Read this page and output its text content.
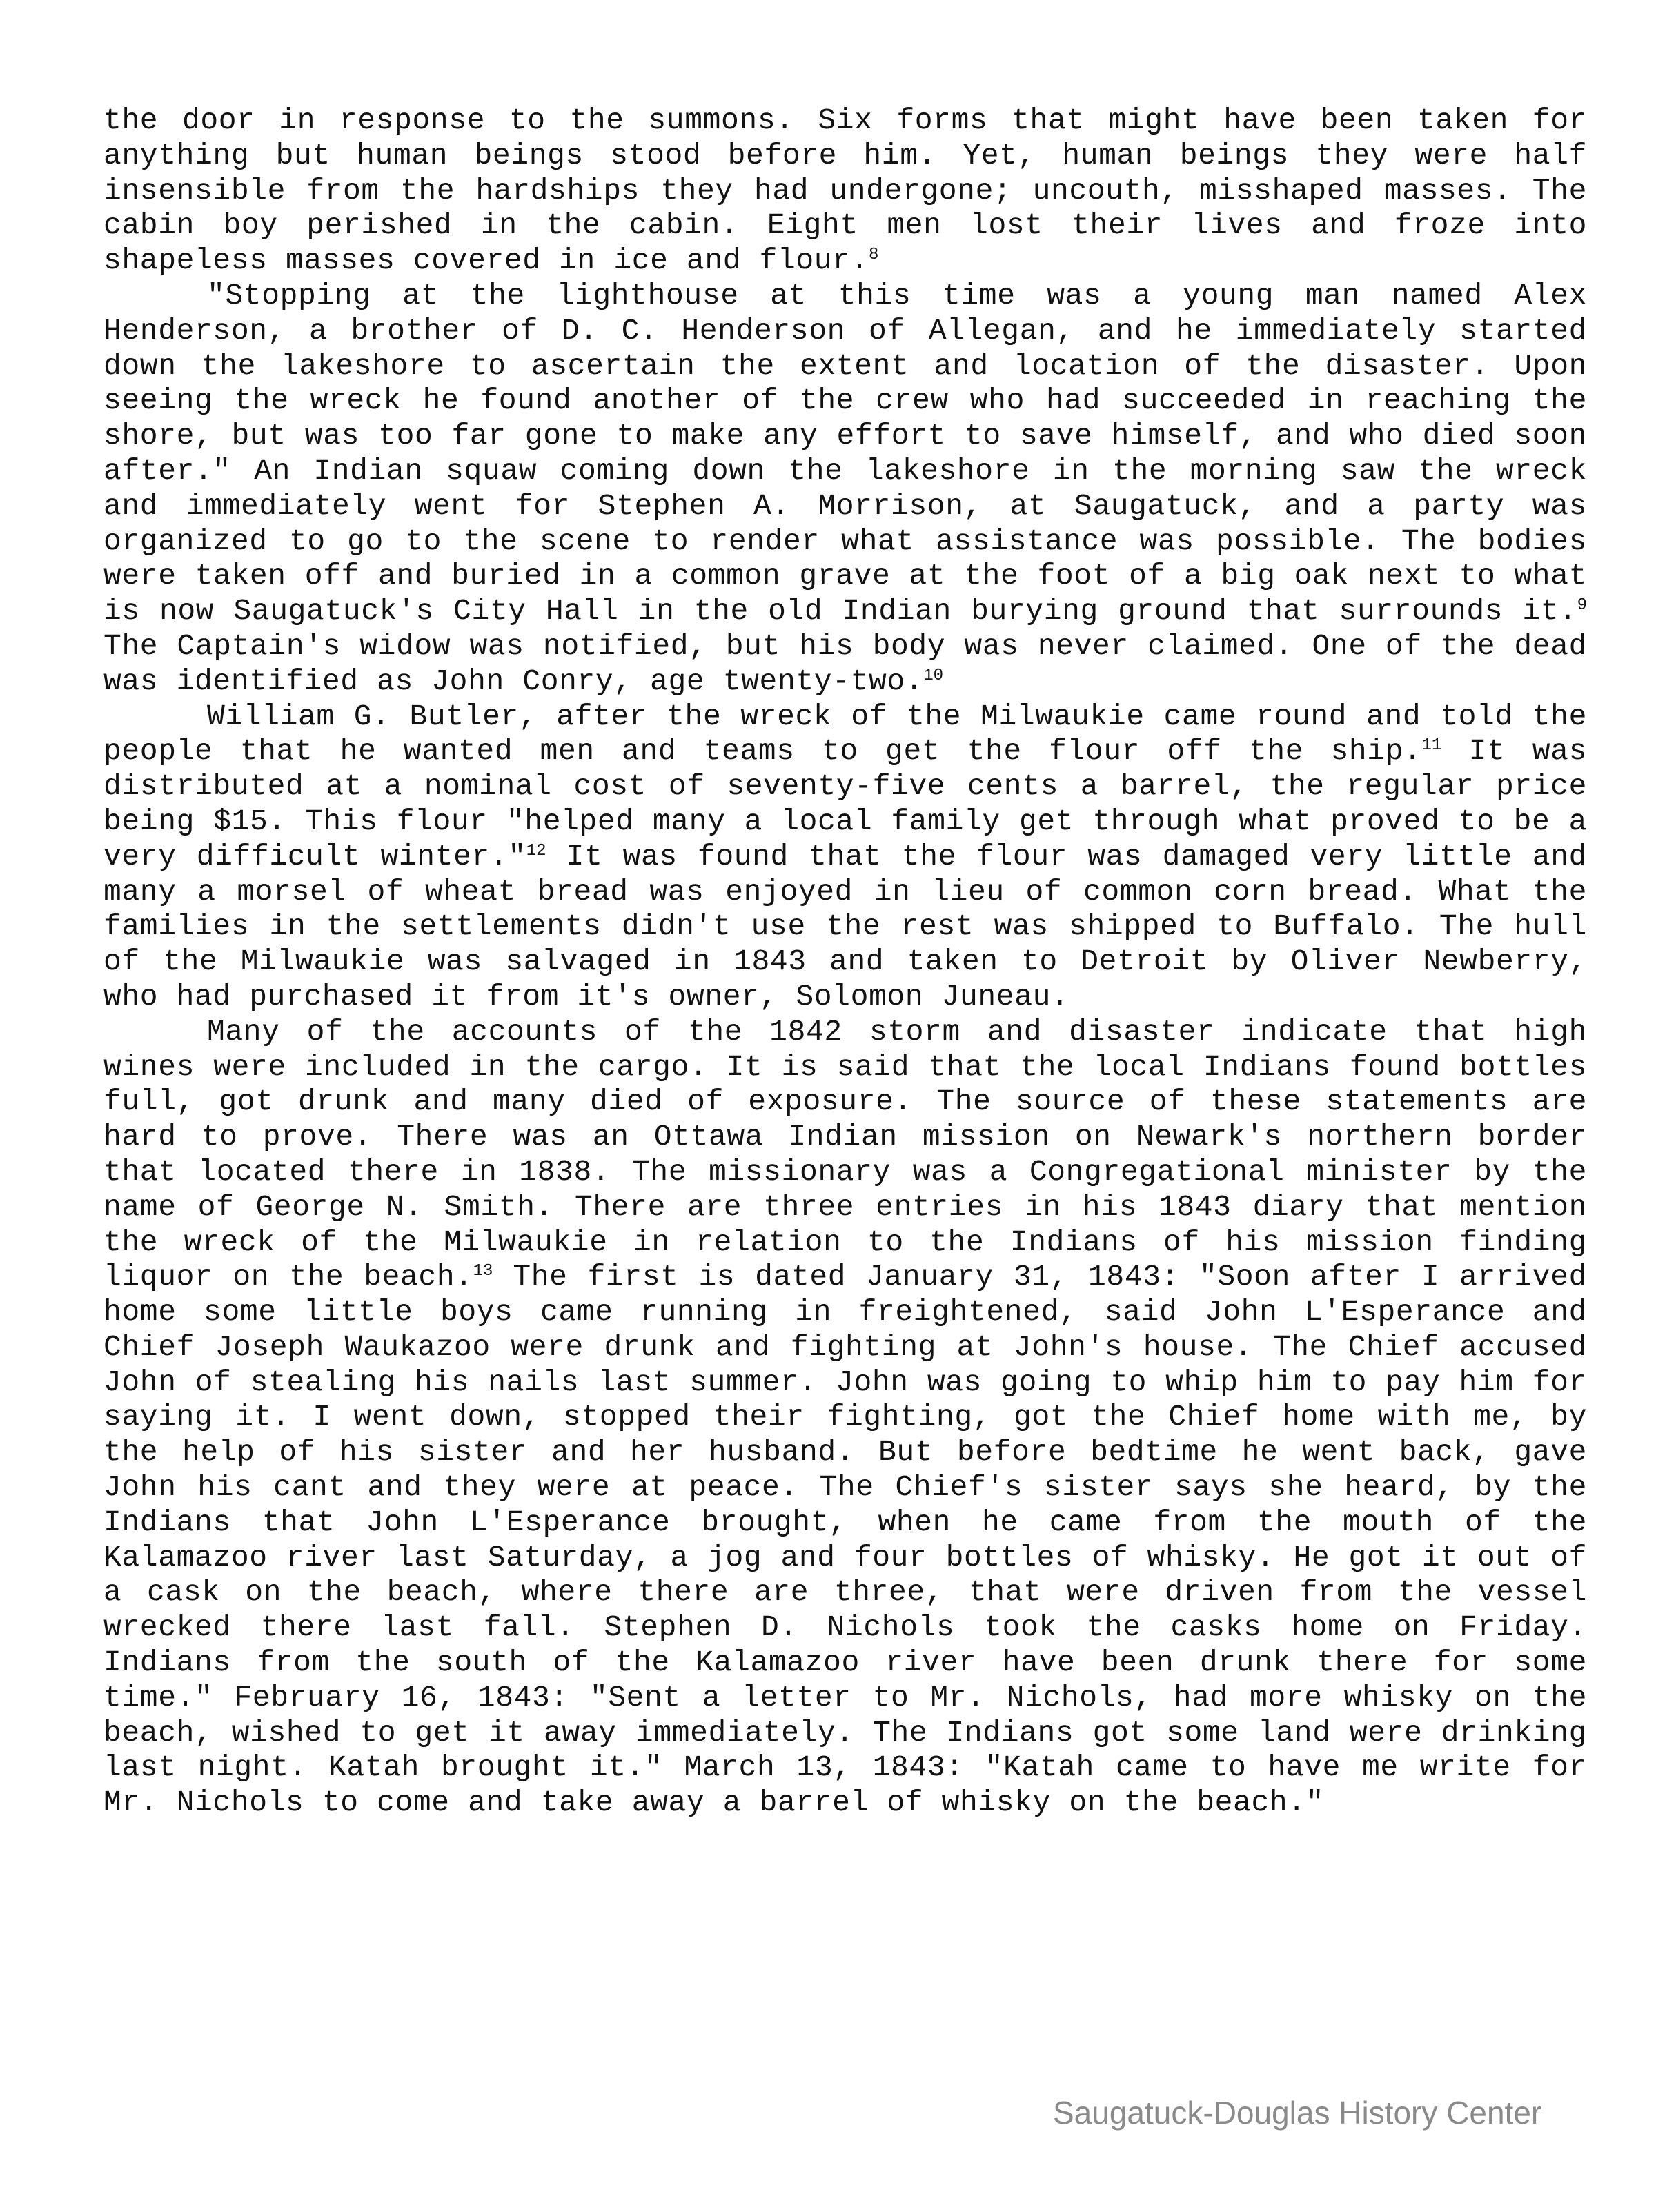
the door in response to the summons. Six forms that might have been taken for anything but human beings stood before him. Yet, human beings they were half insensible from the hardships they had undergone; uncouth, misshaped masses. The cabin boy perished in the cabin. Eight men lost their lives and froze into shapeless masses covered in ice and flour.$^8$

"Stopping at the lighthouse at this time was a young man named Alex Henderson, a brother of D. C. Henderson of Allegan, and he immediately started down the lakeshore to ascertain the extent and location of the disaster. Upon seeing the wreck he found another of the crew who had succeeded in reaching the shore, but was too far gone to make any effort to save himself, and who died soon after." An Indian squaw coming down the lakeshore in the morning saw the wreck and immediately went for Stephen A. Morrison, at Saugatuck, and a party was organized to go to the scene to render what assistance was possible. The bodies were taken off and buried in a common grave at the foot of a big oak next to what is now Saugatuck's City Hall in the old Indian burying ground that surrounds it.$^9$ The Captain's widow was notified, but his body was never claimed. One of the dead was identified as John Conry, age twenty-two.$^{10}$

William G. Butler, after the wreck of the Milwaukie came round and told the people that he wanted men and teams to get the flour off the ship.$^{11}$ It was distributed at a nominal cost of seventy-five cents a barrel, the regular price being $15. This flour "helped many a local family get through what proved to be a very difficult winter."$^{12}$ It was found that the flour was damaged very little and many a morsel of wheat bread was enjoyed in lieu of common corn bread. What the families in the settlements didn't use the rest was shipped to Buffalo. The hull of the Milwaukie was salvaged in 1843 and taken to Detroit by Oliver Newberry, who had purchased it from it's owner, Solomon Juneau.

Many of the accounts of the 1842 storm and disaster indicate that high wines were included in the cargo. It is said that the local Indians found bottles full, got drunk and many died of exposure. The source of these statements are hard to prove. There was an Ottawa Indian mission on Newark's northern border that located there in 1838. The missionary was a Congregational minister by the name of George N. Smith. There are three entries in his 1843 diary that mention the wreck of the Milwaukie in relation to the Indians of his mission finding liquor on the beach.$^{13}$ The first is dated January 31, 1843: "Soon after I arrived home some little boys came running in freightened, said John L'Esperance and Chief Joseph Waukazoo were drunk and fighting at John's house. The Chief accused John of stealing his nails last summer. John was going to whip him to pay him for saying it. I went down, stopped their fighting, got the Chief home with me, by the help of his sister and her husband. But before bedtime he went back, gave John his cant and they were at peace. The Chief's sister says she heard, by the Indians that John L'Esperance brought, when he came from the mouth of the Kalamazoo river last Saturday, a jog and four bottles of whisky. He got it out of a cask on the beach, where there are three, that were driven from the vessel wrecked there last fall. Stephen D. Nichols took the casks home on Friday. Indians from the south of the Kalamazoo river have been drunk there for some time." February 16, 1843: "Sent a letter to Mr. Nichols, had more whisky on the beach, wished to get it away immediately. The Indians got some land were drinking last night. Katah brought it." March 13, 1843: "Katah came to have me write for Mr. Nichols to come and take away a barrel of whisky on the beach."

Saugatuck-Douglas History Center
